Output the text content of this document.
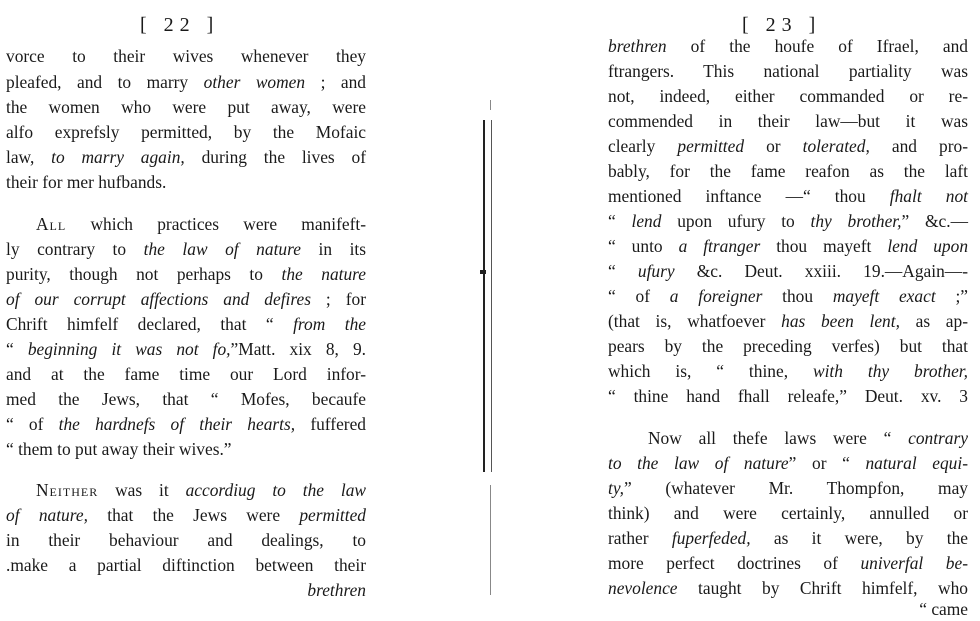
[ 22 ]
vorce to their wives whenever they
pleafed, and to marry other women ; and
the women who were put away, were
alfo exprefsly permitted, by the Mofaic
law, to marry again, during the lives of
their for mer hufbands.
All which practices were manifeft-
ly contrary to the law of nature in its
purity, though not perhaps to the nature
of our corrupt affections and defires ; for
Chrift himfelf declared, that “ from the
“ beginning it was not fo,”Matt. xix 8, 9.
and at the fame time our Lord infor-
med the Jews, that “ Mofes, becaufe
“ of the hardnefs of their hearts, fuffered
“ them to put away their wives.”
Neither was it accordiug to the law
of nature, that the Jews were permitted
in their behaviour and dealings, to
.make a partial diftinction between their
brethren
[ 23 ]
brethren of the houfe of Ifrael, and
ftrangers. This national partiality was
not, indeed, either commanded or re-
commended in their law—but it was
clearly permitted or tolerated, and pro-
bably, for the fame reafon as the laft
mentioned inftance —“ thou fhalt not
“ lend upon ufury to thy brother,” &c.—
“ unto a ftranger thou mayeft lend upon
“ ufury &c. Deut. xxiii. 19.—Again—-
“ of a foreigner thou mayeft exact ;”
(that is, whatfoever has been lent, as ap-
pears by the preceding verfes) but that
which is, “ thine, with thy brother,
“ thine hand fhall releafe,” Deut. xv. 3
Now all thefe laws were “ contrary
to the law of nature” or “ natural equi-
ty,” (whatever Mr. Thompfon, may
think) and were certainly, annulled or
rather fuperfeded, as it were, by the
more perfect doctrines of univerfal be-
nevolence taught by Chrift himfelf, who
“ came
